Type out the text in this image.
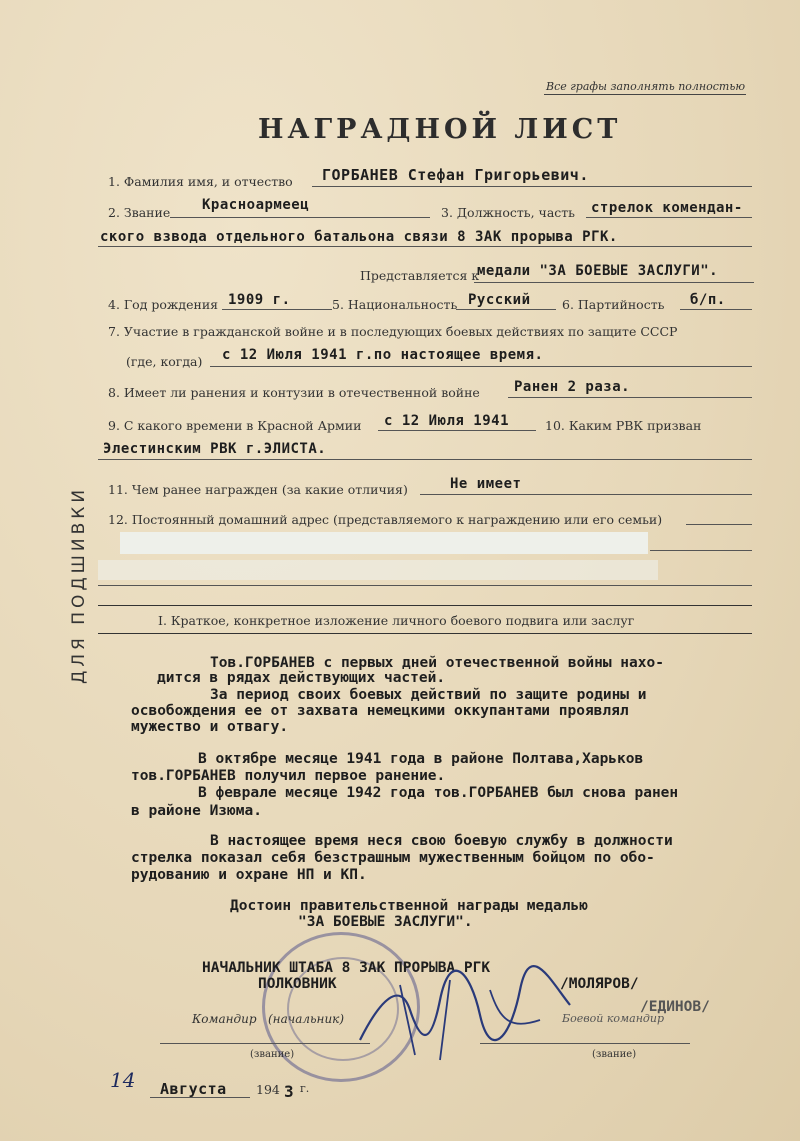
Все графы заполнять полностью
НАГРАДНОЙ ЛИСТ
ДЛЯ ПОДШИВКИ
1. Фамилия имя, и отчество ГОРБАНЕВ Стефан Григорьевич.
2. Звание Красноармеец	3. Должность, часть стрелок комендан-
ского взвода отдельного батальона связи 8 ЗАК прорыва РГК.
Представляется к
медали "ЗА БОЕВЫЕ ЗАСЛУГИ".
4. Год рождения 1909 г.	5. Национальность Русский	6. Партийность б/п.
7. Участие в гражданской войне и в последующих боевых действиях по защите СССР
(где, когда) с 12 Июля 1941 г.по настоящее время.
8. Имеет ли ранения и контузии в отечественной войне Ранен 2 раза.
9. С какого времени в Красной Армии с 12 Июля 1941	10. Каким РВК призван
Элестинским РВК г.ЭЛИСТА.
11. Чем ранее награжден (за какие отличия)	Не имеет
12. Постоянный домашний адрес (представляемого к награждению или его семьи)
I. Краткое, конкретное изложение личного боевого подвига или заслуг
Тов.ГОРБАНЕВ с первых дней отечественной войны нахо-
дится в рядах действующих частей.
За период своих боевых действий по защите родины и
освобождения ее от захвата немецкими оккупантами проявлял
мужество и отвагу.
В октябре месяце 1941 года в районе Полтава,Харьков
тов.ГОРБАНЕВ получил первое ранение.
В феврале месяце 1942 года тов.ГОРБАНЕВ был снова ранен
в районе Изюма.
В настоящее время неся свою боевую службу в должности
стрелка показал себя безстрашным мужественным бойцом по обо-
рудованию и охране НП и КП.
Достоин правительственной награды медалью
"ЗА БОЕВЫЕ ЗАСЛУГИ".
НАЧАЛЬНИК ШТАБА 8 ЗАК ПРОРЫВА РГК
ПОЛКОВНИК	/МОЛЯРОВ/
/ЕДИНОВ/
Командир (начальник)	Боевой командир
(звание)	(звание)
14 Августа 194 3 г.
